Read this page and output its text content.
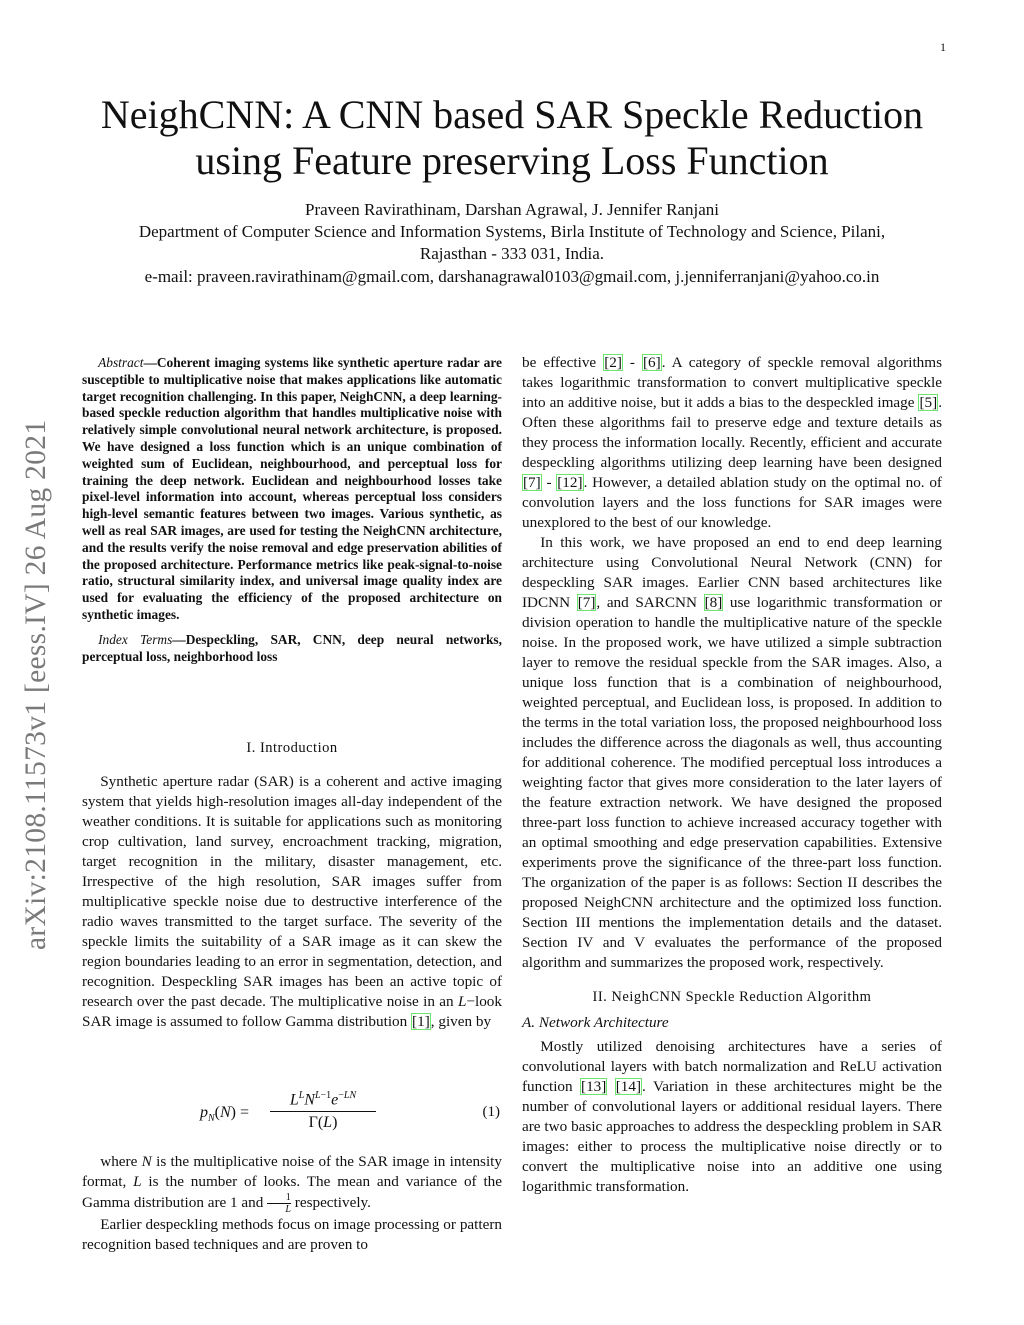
1
arXiv:2108.11573v1 [eess.IV] 26 Aug 2021
NeighCNN: A CNN based SAR Speckle Reduction
using Feature preserving Loss Function
Praveen Ravirathinam, Darshan Agrawal, J. Jennifer Ranjani
Department of Computer Science and Information Systems, Birla Institute of Technology and Science, Pilani,
Rajasthan - 333 031, India.
e-mail: praveen.ravirathinam@gmail.com, darshanagrawal0103@gmail.com, j.jenniferranjani@yahoo.co.in

Abstract—Coherent imaging systems like synthetic aperture radar are susceptible to multiplicative noise that makes applications like automatic target recognition challenging. In this paper, NeighCNN, a deep learning-based speckle reduction algorithm that handles multiplicative noise with relatively simple convolutional neural network architecture, is proposed. We have designed a loss function which is an unique combination of weighted sum of Euclidean, neighbourhood, and perceptual loss for training the deep network. Euclidean and neighbourhood losses take pixel-level information into account, whereas perceptual loss considers high-level semantic features between two images. Various synthetic, as well as real SAR images, are used for testing the NeighCNN architecture, and the results verify the noise removal and edge preservation abilities of the proposed architecture. Performance metrics like peak-signal-to-noise ratio, structural similarity index, and universal image quality index are used for evaluating the efficiency of the proposed architecture on synthetic images.

Index Terms—Despeckling, SAR, CNN, deep neural networks, perceptual loss, neighborhood loss

I. Introduction

Synthetic aperture radar (SAR) is a coherent and active imaging system that yields high-resolution images all-day independent of the weather conditions. It is suitable for applications such as monitoring crop cultivation, land survey, encroachment tracking, migration, target recognition in the military, disaster management, etc. Irrespective of the high resolution, SAR images suffer from multiplicative speckle noise due to destructive interference of the radio waves transmitted to the target surface. The severity of the speckle limits the suitability of a SAR image as it can skew the region boundaries leading to an error in segmentation, detection, and recognition. Despeckling SAR images has been an active topic of research over the past decade. The multiplicative noise in an L−look SAR image is assumed to follow Gamma distribution [1], given by

$p_N(N)$ =
$L^LN^{L-1}e^{-LN}$
Γ(L)
(1)

where N is the multiplicative noise of the SAR image in intensity format, L is the number of looks. The mean and variance of the Gamma distribution are 1 and $\frac{1}{L}$ respectively.

Earlier despeckling methods focus on image processing or pattern recognition based techniques and are proven to

be effective [2] - [6]. A category of speckle removal algorithms takes logarithmic transformation to convert multiplicative speckle into an additive noise, but it adds a bias to the despeckled image [5]. Often these algorithms fail to preserve edge and texture details as they process the information locally. Recently, efficient and accurate despeckling algorithms utilizing deep learning have been designed [7] - [12]. However, a detailed ablation study on the optimal no. of convolution layers and the loss functions for SAR images were unexplored to the best of our knowledge.

In this work, we have proposed an end to end deep learning architecture using Convolutional Neural Network (CNN) for despeckling SAR images. Earlier CNN based architectures like IDCNN [7], and SARCNN [8] use logarithmic transformation or division operation to handle the multiplicative nature of the speckle noise. In the proposed work, we have utilized a simple subtraction layer to remove the residual speckle from the SAR images. Also, a unique loss function that is a combination of neighbourhood, weighted perceptual, and Euclidean loss, is proposed. In addition to the terms in the total variation loss, the proposed neighbourhood loss includes the difference across the diagonals as well, thus accounting for additional coherence. The modified perceptual loss introduces a weighting factor that gives more consideration to the later layers of the feature extraction network. We have designed the proposed three-part loss function to achieve increased accuracy together with an optimal smoothing and edge preservation capabilities. Extensive experiments prove the significance of the three-part loss function. The organization of the paper is as follows: Section II describes the proposed NeighCNN architecture and the optimized loss function. Section III mentions the implementation details and the dataset. Section IV and V evaluates the performance of the proposed algorithm and summarizes the proposed work, respectively.

II. NeighCNN Speckle Reduction Algorithm

A. Network Architecture

Mostly utilized denoising architectures have a series of convolutional layers with batch normalization and ReLU activation function [13] [14]. Variation in these architectures might be the number of convolutional layers or additional residual layers. There are two basic approaches to address the despeckling problem in SAR images: either to process the multiplicative noise directly or to convert the multiplicative noise into an additive one using logarithmic transformation.
